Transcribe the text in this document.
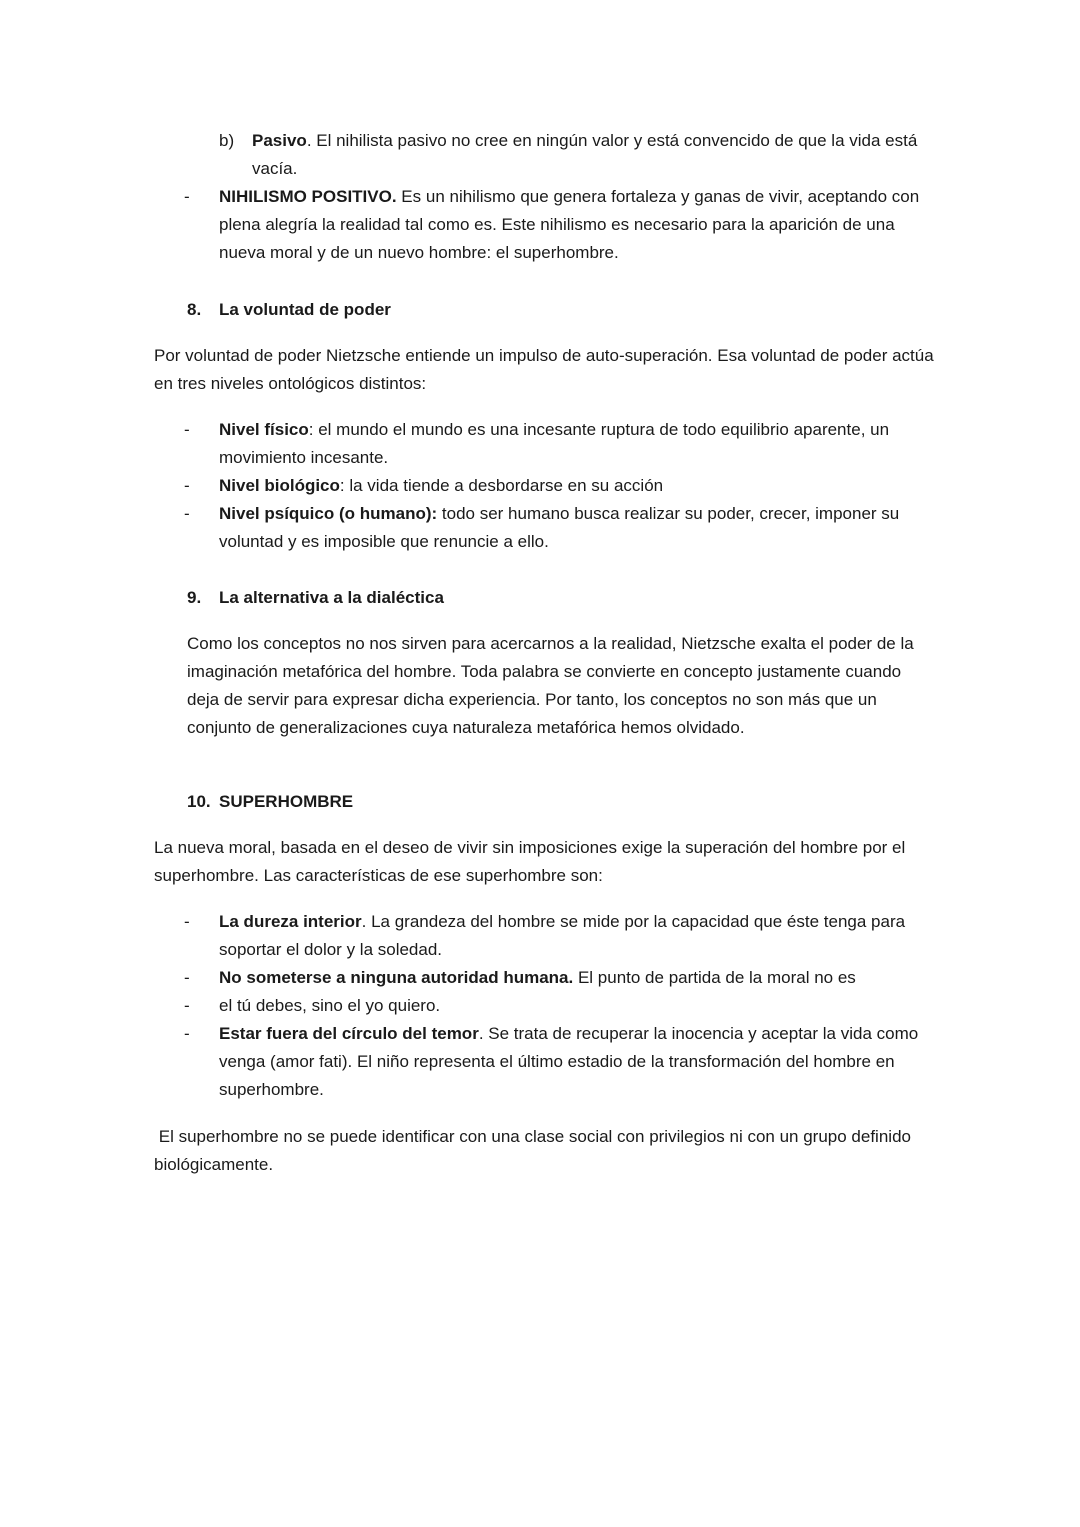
b) Pasivo. El nihilista pasivo no cree en ningún valor y está convencido de que la vida está vacía.
-	NIHILISMO POSITIVO. Es un nihilismo que genera fortaleza y ganas de vivir, aceptando con plena alegría la realidad tal como es. Este nihilismo es necesario para la aparición de una nueva moral y de un nuevo hombre: el superhombre.
8. La voluntad de poder
Por voluntad de poder Nietzsche entiende un impulso de auto-superación. Esa voluntad de poder actúa en tres niveles ontológicos distintos:
-	Nivel físico: el mundo el mundo es una incesante ruptura de todo equilibrio aparente, un movimiento incesante.
-	Nivel biológico: la vida tiende a desbordarse en su acción
-	Nivel psíquico (o humano): todo ser humano busca realizar su poder, crecer, imponer su voluntad y es imposible que renuncie a ello.
9. La alternativa a la dialéctica
Como los conceptos no nos sirven para acercarnos a la realidad, Nietzsche exalta el poder de la imaginación metafórica del hombre. Toda palabra se convierte en concepto justamente cuando deja de servir para expresar dicha experiencia. Por tanto, los conceptos no son más que un conjunto de generalizaciones cuya naturaleza metafórica hemos olvidado.
10. SUPERHOMBRE
La nueva moral, basada en el deseo de vivir sin imposiciones exige la superación del hombre por el superhombre. Las características de ese superhombre son:
-	La dureza interior. La grandeza del hombre se mide por la capacidad que éste tenga para soportar el dolor y la soledad.
-	No someterse a ninguna autoridad humana. El punto de partida de la moral no es
-	el tú debes, sino el yo quiero.
-	Estar fuera del círculo del temor. Se trata de recuperar la inocencia y aceptar la vida como venga (amor fati). El niño representa el último estadio de la transformación del hombre en superhombre.
El superhombre no se puede identificar con una clase social con privilegios ni con un grupo definido biológicamente.
